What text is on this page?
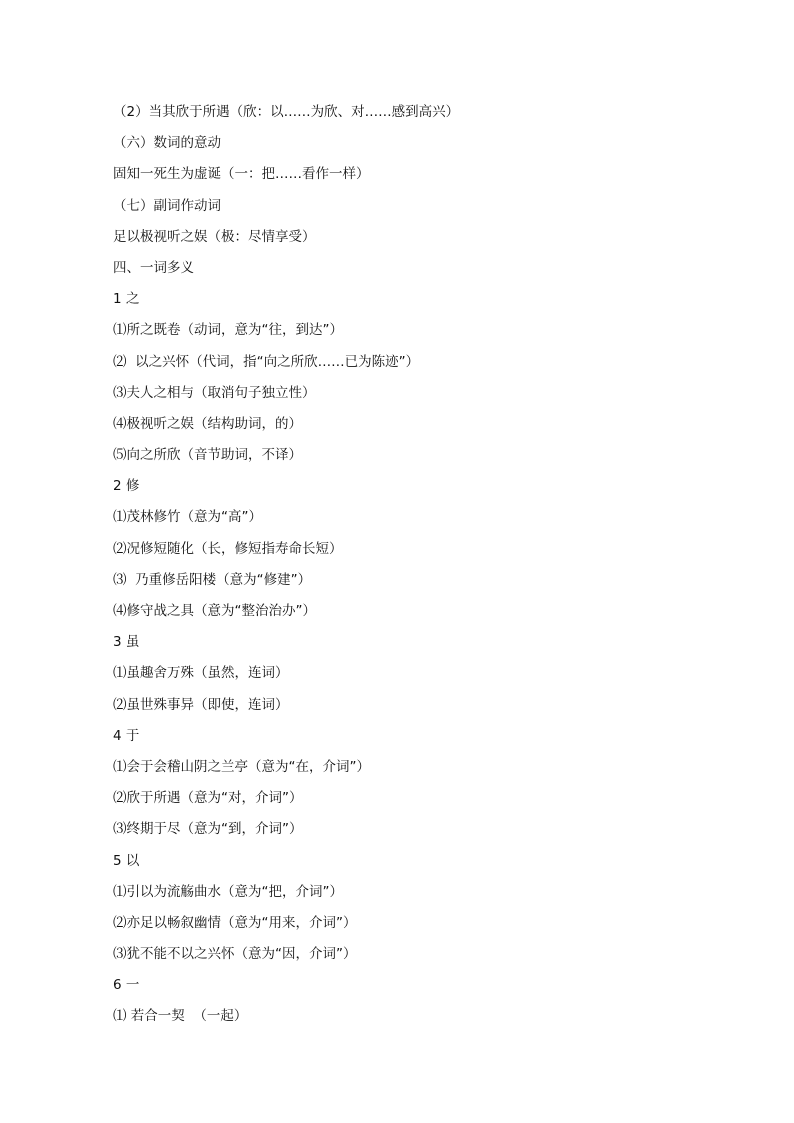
（2）当其欣于所遇（欣：以……为欣、对……感到高兴）
（六）数词的意动
固知一死生为虚诞（一：把……看作一样）
（七）副词作动词
足以极视听之娱（极：尽情享受）
四、一词多义
1 之
⑴所之既卷（动词，意为“往，到达”）
⑵  以之兴怀（代词，指“向之所欣……已为陈迹”）
⑶夫人之相与（取消句子独立性）
⑷极视听之娱（结构助词，的）
⑸向之所欣（音节助词，不译）
2 修
⑴茂林修竹（意为“高”）
⑵况修短随化（长，修短指寿命长短）
⑶  乃重修岳阳楼（意为“修建”）
⑷修守战之具（意为“整治治办”）
3 虽
⑴虽趣舍万殊（虽然，连词）
⑵虽世殊事异（即使，连词）
4 于
⑴会于会稽山阴之兰亭（意为“在，介词”）
⑵欣于所遇（意为“对，介词”）
⑶终期于尽（意为“到，介词”）
5 以
⑴引以为流觞曲水（意为“把，介词”）
⑵亦足以畅叙幽情（意为“用来，介词”）
⑶犹不能不以之兴怀（意为“因，介词”）
6 一
⑴ 若合一契  （一起）
